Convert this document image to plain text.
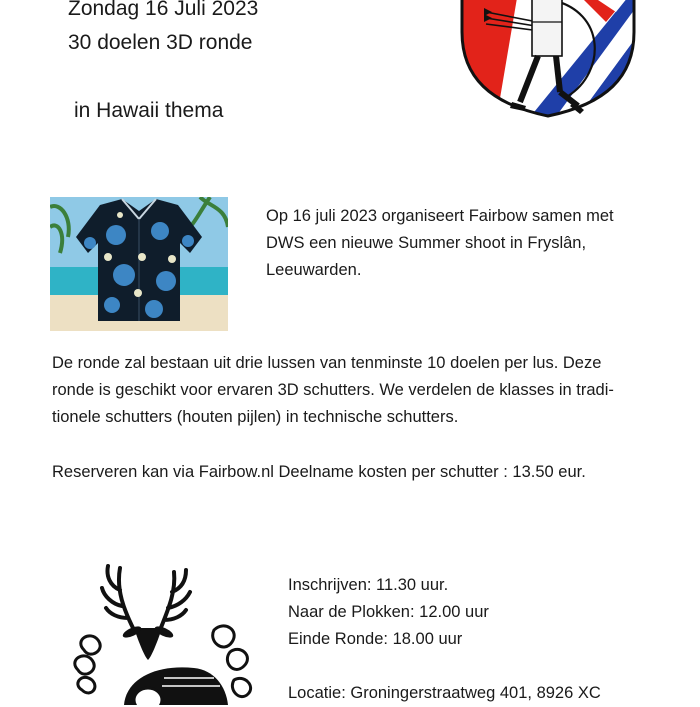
Zondag 16 Juli 2023
30 doelen 3D ronde
in Hawaii thema
Op 16 juli 2023 organiseert Fairbow samen met
DWS een nieuwe Summer shoot in Fryslân,
Leeuwarden.
De ronde zal bestaan uit drie lussen van tenminste 10 doelen per lus. Deze
ronde is geschikt voor ervaren 3D schutters. We verdelen de klasses in tradi-
tionele schutters (houten pijlen) in technische schutters.
Reserveren kan via Fairbow.nl Deelname kosten per schutter : 13.50 eur.
Inschrijven: 11.30 uur.
Naar de Plokken: 12.00 uur
Einde Ronde: 18.00 uur
Locatie: Groningerstraatweg 401, 8926 XC
